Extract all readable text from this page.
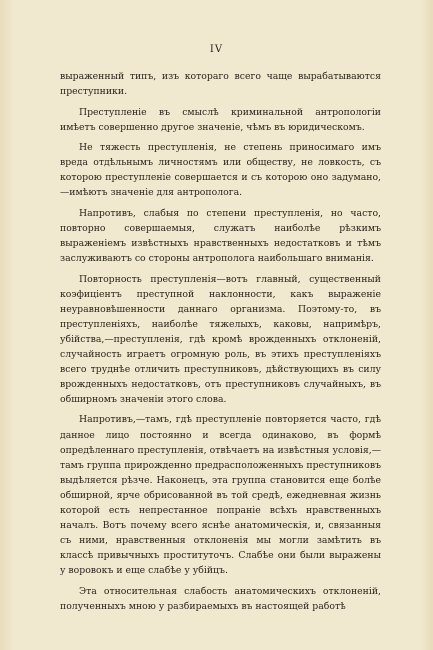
IV

выраженный типъ, изъ котораго всего чаще вырабатываются преступники.

Преступленіе въ смыслѣ криминальной антропологіи имѣетъ совершенно другое значеніе, чѣмъ въ юридическомъ.

Не тяжесть преступленія, не степень приносимаго имъ вреда отдѣльнымъ личностямъ или обществу, не ловкость, съ которою преступленіе совершается и съ которою оно задумано,—имѣютъ значеніе для антрополога.

Напротивъ, слабыя по степени преступленія, но часто, повторно совершаемыя, служатъ наиболѣе рѣзкимъ выраженіемъ извѣстныхъ нравственныхъ недостатковъ и тѣмъ заслуживаютъ со стороны антрополога наибольшаго вниманія.

Повторность преступленія—вотъ главный, существенный коэфиціентъ преступной наклонности, какъ выраженіе неуравновѣшенности даннаго организма. Поэтому-то, въ преступленіяхъ, наиболѣе тяжелыхъ, каковы, напримѣръ, убійства,—преступленія, гдѣ кромѣ врожденныхъ отклоненій, случайность играетъ огромную роль, въ этихъ преступленіяхъ всего труднѣе отличить преступниковъ, дѣйствующихъ въ силу врожденныхъ недостатковъ, отъ преступниковъ случайныхъ, въ обширномъ значеніи этого слова.

Напротивъ,—тамъ, гдѣ преступленіе повторяется часто, гдѣ данное лицо постоянно и всегда одинаково, въ формѣ опредѣленнаго преступленія, отвѣчаетъ на извѣстныя условія,—тамъ группа прирожденно предрасположенныхъ преступниковъ выдѣляется рѣзче. Наконецъ, эта группа становится еще болѣе обширной, ярче обрисованной въ той средѣ, ежедневная жизнь которой есть непрестанное попраніе всѣхъ нравственныхъ началъ. Вотъ почему всего яснѣе анатомическія, и, связанныя съ ними, нравственныя отклоненія мы могли замѣтить въ классѣ привычныхъ проституточъ. Слабѣе они были выражены у воровокъ и еще слабѣе у убійцъ.

Эта относительная слабость анатомическихъ отклоненій, полученныхъ мною у разбираемыхъ въ настоящей работѣ
